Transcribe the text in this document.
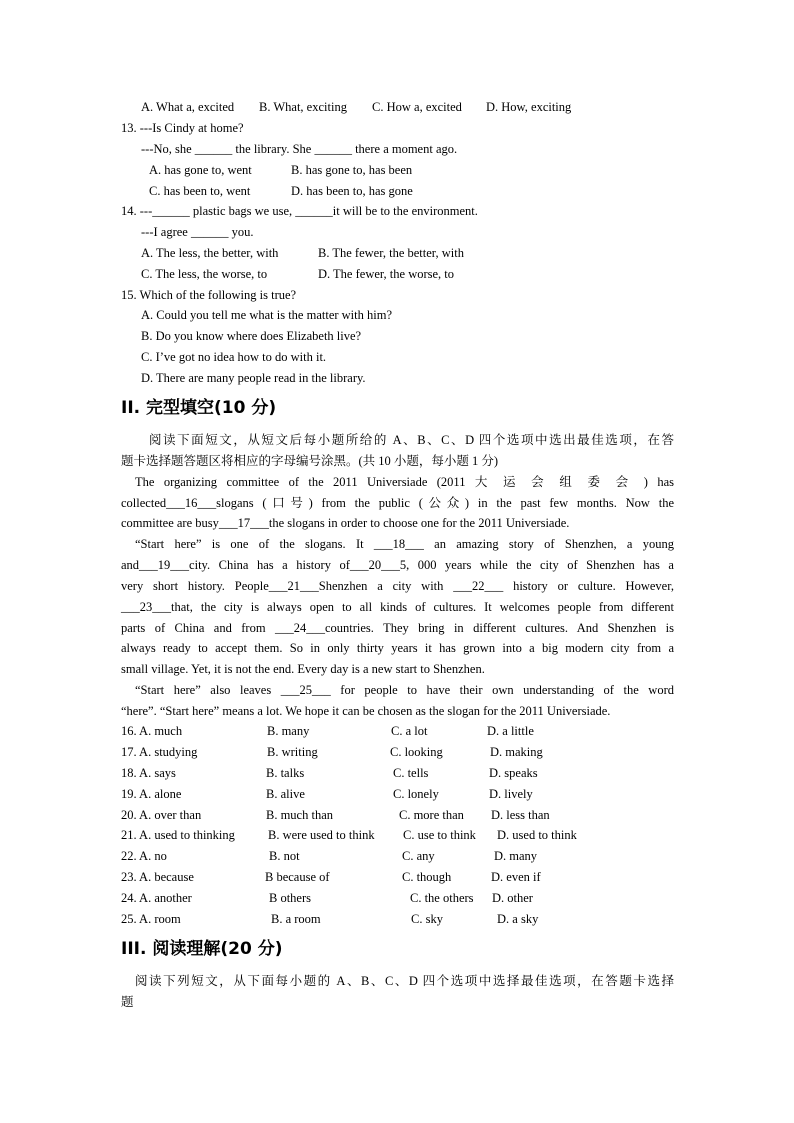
A. What a, excited B. What, exciting C. How a, excited D. How, exciting
13. ---Is Cindy at home?
---No, she ______ the library. She ______ there a moment ago.
A. has gone to, went	B. has gone to, has been
C. has been to, went	D. has been to, has gone
14. ---______ plastic bags we use, ______it will be to the environment.
---I agree ______ you.
A. The less, the better, with	B. The fewer, the better, with
C. The less, the worse, to	D. The fewer, the worse, to
15. Which of the following is true?
A. Could you tell me what is the matter with him?
B. Do you know where does Elizabeth live?
C. I’ve got no idea how to do with it.
D. There are many people read in the library.
II. 完型填空(10 分)
阅读下面短文，从短文后每小题所给的 A、B、C、D 四个选项中选出最佳选项，在答
题卡选择题答题区将相应的字母编号涂黑。(共 10 小题，每小题 1 分)
The organizing committee of the 2011 Universiade (2011 大 运 会 组 委 会 ) has
collected___16___slogans (口号) from the public (公众) in the past few months. Now the
committee are busy___17___the slogans in order to choose one for the 2011 Universiade.
“Start here” is one of the slogans. It ___18___ an amazing story of Shenzhen, a young
and___19___city. China has a history of___20___5, 000 years while the city of Shenzhen has a
very short history. People___21___Shenzhen a city with ___22___ history or culture. However,
___23___that, the city is always open to all kinds of cultures. It welcomes people from different
parts of China and from ___24___countries. They bring in different cultures. And Shenzhen is
always ready to accept them. So in only thirty years it has grown into a big modern city from a
small village. Yet, it is not the end. Every day is a new start to Shenzhen.
“Start here” also leaves ___25___ for people to have their own understanding of the word
“here”. “Start here” means a lot. We hope it can be chosen as the slogan for the 2011 Universiade.
16. A. much	B. many	C. a lot	D. a little
17. A. studying	B. writing	C. looking	D. making
18. A. says	B. talks	C. tells	D. speaks
19. A. alone	B. alive	C. lonely	D. lively
20. A. over than	B. much than	C. more than D. less than
21. A. used to thinking	B. were used to think C. use to think D. used to think
22. A. no	B. not	C. any	D. many
23. A. because	B because of	C. though	D. even if
24. A. another	B others	C. the others D. other
25. A. room	B. a room	C. sky	D. a sky
III. 阅读理解(20 分)
阅读下列短文，从下面每小题的 A、B、C、D 四个选项中选择最佳选项，在答题卡选择
题
